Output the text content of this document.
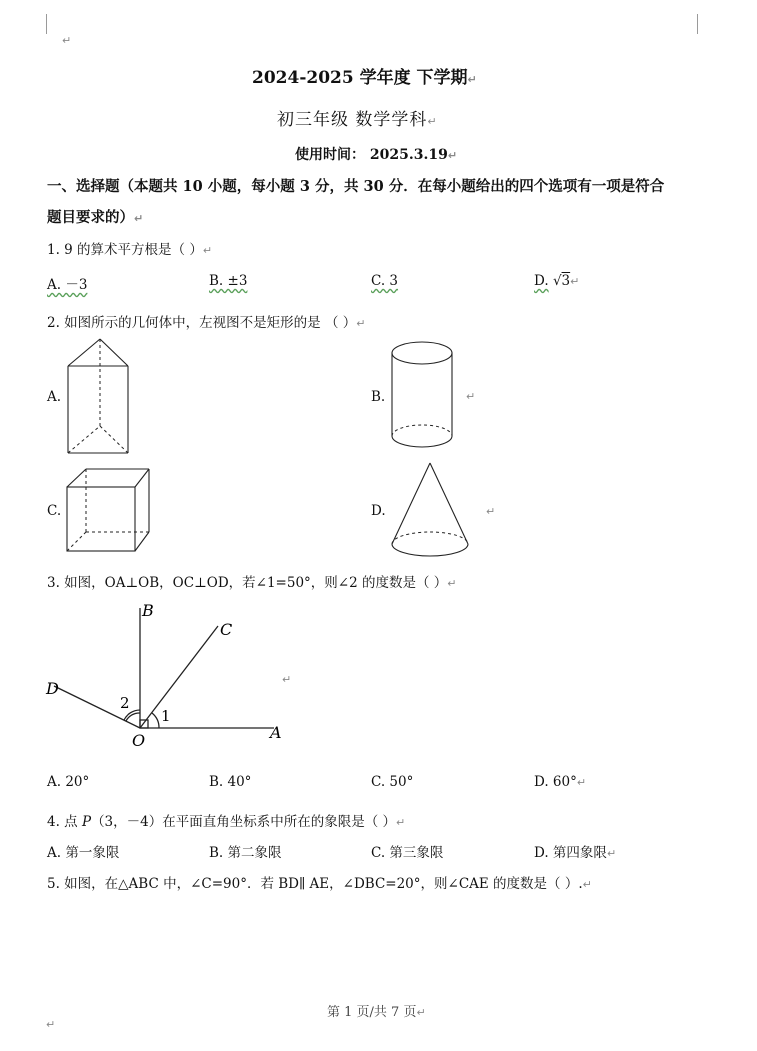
↵
2024-2025 学年度 下学期↵
初三年级 数学学科↵
使用时间： 2025.3.19↵
一、选择题（本题共 10 小题，每小题 3 分，共 30 分．在每小题给出的四个选项有一项是符合
题目要求的）↵
1. 9 的算术平方根是（ ）↵
A. －3	B. ±3	C. 3	D. √3↵
2. 如图所示的几何体中，左视图不是矩形的是 （ ）↵
A.	B.	↵
C.	D.	↵
3. 如图，OA⊥OB，OC⊥OD，若∠1=50°，则∠2 的度数是（ ）↵
B
C
D
O	A
1
2
↵
A. 20°	B. 40°	C. 50°	D. 60°↵
4. 点 P（3，－4）在平面直角坐标系中所在的象限是（ ）↵
A. 第一象限	B. 第二象限	C. 第三象限	D. 第四象限↵
5. 如图，在△ABC 中，∠C=90°．若 BD∥ AE，∠DBC=20°，则∠CAE 的度数是（ ）.↵
第 1 页/共 7 页↵
↵
